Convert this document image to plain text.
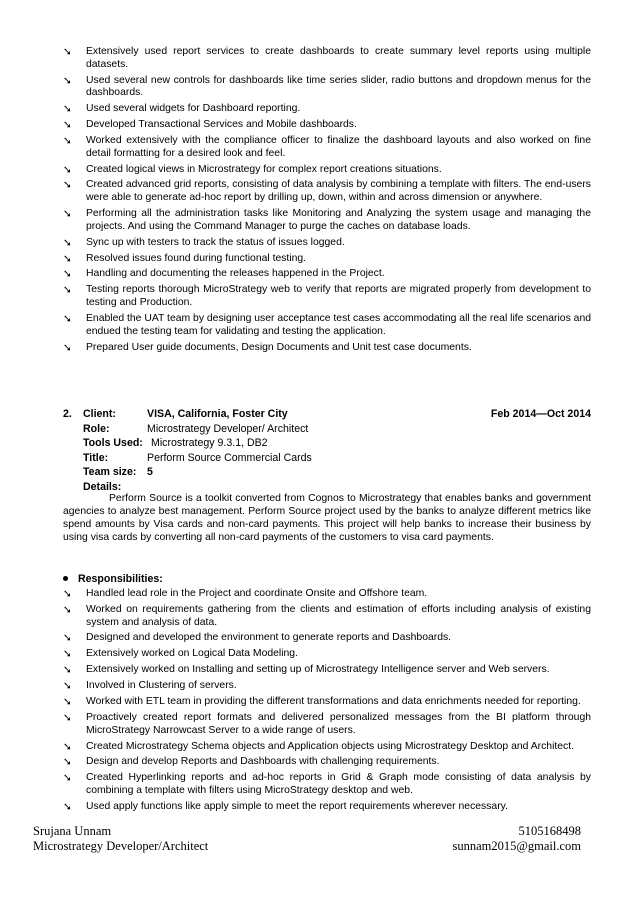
➘ Extensively used report services to create dashboards to create summary level reports using multiple datasets.
➘ Used several new controls for dashboards like time series slider, radio buttons and dropdown menus for the dashboards.
➘ Used several widgets for Dashboard reporting.
➘ Developed Transactional Services and Mobile dashboards.
➘ Worked extensively with the compliance officer to finalize the dashboard layouts and also worked on fine detail formatting for a desired look and feel.
➘ Created logical views in Microstrategy for complex report creations situations.
➘ Created advanced grid reports, consisting of data analysis by combining a template with filters. The end-users were able to generate ad-hoc report by drilling up, down, within and across dimension or anywhere.
➘ Performing all the administration tasks like Monitoring and Analyzing the system usage and managing the projects. And using the Command Manager to purge the caches on database loads.
➘ Sync up with testers to track the status of issues logged.
➘ Resolved issues found during functional testing.
➘ Handling and documenting the releases happened in the Project.
➘ Testing reports thorough MicroStrategy web to verify that reports are migrated properly from development to testing and Production.
➘ Enabled the UAT team by designing user acceptance test cases accommodating all the real life scenarios and endued the testing team for validating and testing the application.
➘ Prepared User guide documents, Design Documents and Unit test case documents.
2. Client:	VISA, California, Foster City	Feb 2014—Oct 2014
Role:	Microstrategy Developer/ Architect
Tools Used: Microstrategy 9.3.1, DB2
Title:	Perform Source Commercial Cards
Team size: 5
Details:
Perform Source is a toolkit converted from Cognos to Microstrategy that enables banks and government agencies to analyze best management. Perform Source project used by the banks to analyze different metrics like spend amounts by Visa cards and non-card payments. This project will help banks to increase their business by using visa cards by converting all non-card payments of the customers to visa card payments.
Responsibilities:
➘ Handled lead role in the Project and coordinate Onsite and Offshore team.
➘ Worked on requirements gathering from the clients and estimation of efforts including analysis of existing system and analysis of data.
➘ Designed and developed the environment to generate reports and Dashboards.
➘ Extensively worked on Logical Data Modeling.
➘ Extensively worked on Installing and setting up of Microstrategy Intelligence server and Web servers.
➘ Involved in Clustering of servers.
➘ Worked with ETL team in providing the different transformations and data enrichments needed for reporting.
➘ Proactively created report formats and delivered personalized messages from the BI platform through MicroStrategy Narrowcast Server to a wide range of users.
➘ Created Microstrategy Schema objects and Application objects using Microstrategy Desktop and Architect.
➘ Design and develop Reports and Dashboards with challenging requirements.
➘ Created Hyperlinking reports and ad-hoc reports in Grid & Graph mode consisting of data analysis by combining a template with filters using MicroStrategy desktop and web.
➘ Used apply functions like apply simple to meet the report requirements wherever necessary.
Srujana Unnam	5105168498
Microstrategy Developer/Architect	sunnam2015@gmail.com
